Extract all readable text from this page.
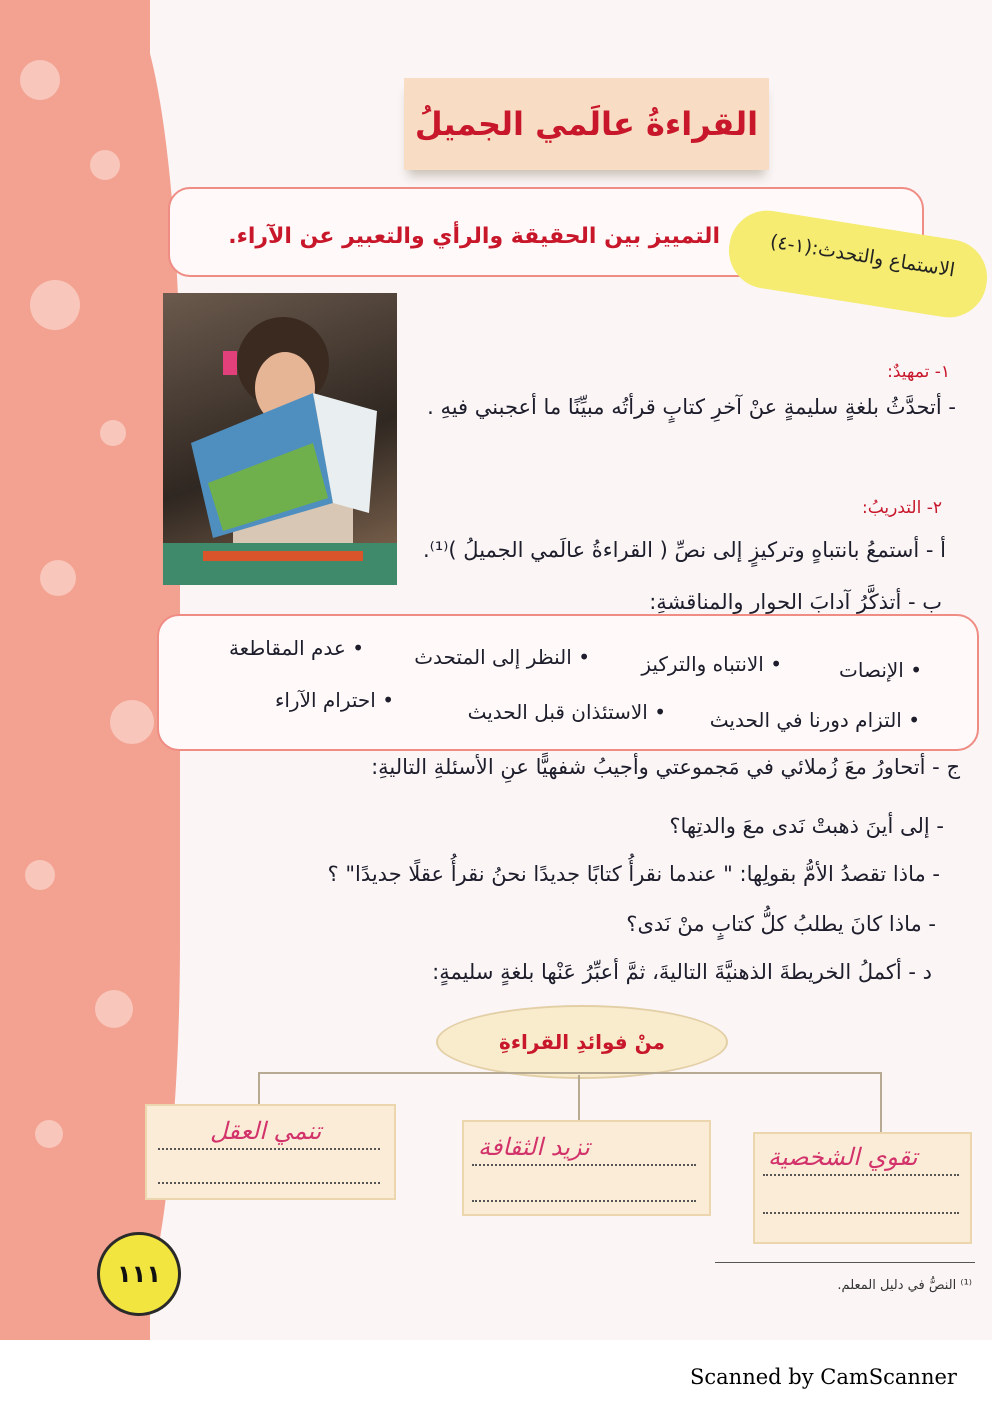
القراءةُ عالَمي الجميلُ
التمييز بين الحقيقة والرأي والتعبير عن الآراء.	الاستماع والتحدث:(١-٤)
١- تمهيدٌ:
- أتحدَّثُ بلغةٍ سليمةٍ عنْ آخرِ كتابٍ قرأتُه مبيِّنًا ما أعجبني فيهِ .
٢- التدريبُ:
أ - أستمعُ بانتباهٍ وتركيزٍ إلى نصِّ ( القراءةُ عالَمي الجميلُ )⁽¹⁾.
ب - أتذكَّرُ آدابَ الحوارِ والمناقشةِ:
• الإنصات
• الانتباه والتركيز
• النظر إلى المتحدث
• عدم المقاطعة
• التزام دورنا في الحديث
• الاستئذان قبل الحديث
• احترام الآراء
ج - أتحاورُ معَ زُملائي في مَجموعتي وأجيبُ شفهيًّا عنِ الأسئلةِ التاليةِ:
- إلى أينَ ذهبتْ نَدى معَ والدتِها؟
- ماذا تقصدُ الأمُّ بقولِها: " عندما نقرأُ كتابًا جديدًا نحنُ نقرأُ عقلًا جديدًا" ؟
- ماذا كانَ يطلبُ كلُّ كتابٍ منْ نَدى؟
د - أكملُ الخريطةَ الذهنيَّةَ التاليةَ، ثمَّ أعبِّرُ عَنْها بلغةٍ سليمةٍ:
منْ فوائدِ القراءةِ
تقوي الشخصية
تزيد الثقافة
تنمي العقل
١١١	⁽¹⁾ النصُّ في دليل المعلم.
Scanned by CamScanner
